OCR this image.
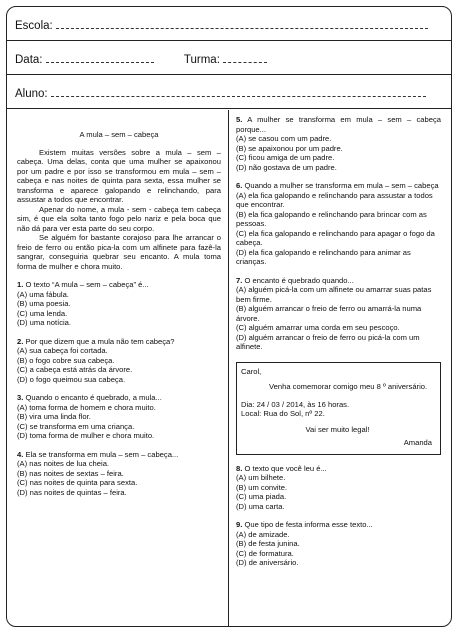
Escola:
Data:	Turma:
Aluno:
A mula – sem – cabeça

Existem muitas versões sobre a mula – sem – cabeça. Uma delas, conta que uma mulher se apaixonou por um padre e por isso se transformou em mula – sem – cabeça e nas noites de quinta para sexta, essa mulher se transforma e aparece galopando e relinchando, para assustar a todos que encontrar.

Apenar do nome, a mula - sem - cabeça tem cabeça sim, é que ela solta tanto fogo pelo nariz e pela boca que não dá para ver esta parte do seu corpo.

Se alguém for bastante corajoso para lhe arrancar o freio de ferro ou então pica-la com um alfinete para fazê-la sangrar, conseguiria quebrar seu encanto. A mula toma forma de mulher e chora muito.

1. O texto “A mula – sem – cabeça” é...
(A) uma fábula.
(B) uma poesia.
(C) uma lenda.
(D) uma notícia.
2. Por que dizem que a mula não tem cabeça?
(A) sua cabeça foi cortada.
(B) o fogo cobre sua cabeça.
(C) a cabeça está atrás da árvore.
(D) o fogo queimou sua cabeça.
3. Quando o encanto é quebrado, a mula...
(A) toma forma de homem e chora muito.
(B) vira uma linda flor.
(C) se transforma em uma criança.
(D) toma forma de mulher e chora muito.
4. Ela se transforma em mula – sem – cabeça...
(A) nas noites de lua cheia.
(B) nas noites de sextas – feira.
(C) nas noites de quinta para sexta.
(D) nas noites de quintas – feira.
5. A mulher se transforma em mula – sem – cabeça porque...
(A) se casou com um padre.
(B) se apaixonou por um padre.
(C) ficou amiga de um padre.
(D) não gostava de um padre.
6. Quando a mulher se transforma em mula – sem – cabeça
(A) ela fica galopando e relinchando para assustar a todos que encontrar.
(B) ela fica galopando e relinchando para brincar com as pessoas.
(C) ela fica galopando e relinchando para apagar o fogo da cabeça.
(D) ela fica galopando e relinchando para animar as crianças.
7. O encanto é quebrado quando...
(A) alguém picá-la com um alfinete ou amarrar suas patas bem firme.
(B) alguém arrancar o freio de ferro ou amarrá-la numa árvore.
(C) alguém amarrar uma corda em seu pescoço.
(D) alguém arrancar o freio de ferro ou picá-la com um alfinete.

Carol,

Venha comemorar comigo meu 8 º aniversário.

Dia: 24 / 03 / 2014, às 16 horas.

Local: Rua do Sol, nº 22.

Vai ser muito legal!

Amanda

8. O texto que você leu é...
(A) um bilhete.
(B) um convite.
(C) uma piada.
(D) uma carta.
9. Que tipo de festa informa esse texto...
(A) de amizade.
(B) de festa junina.
(C) de formatura.
(D) de aniversário.
